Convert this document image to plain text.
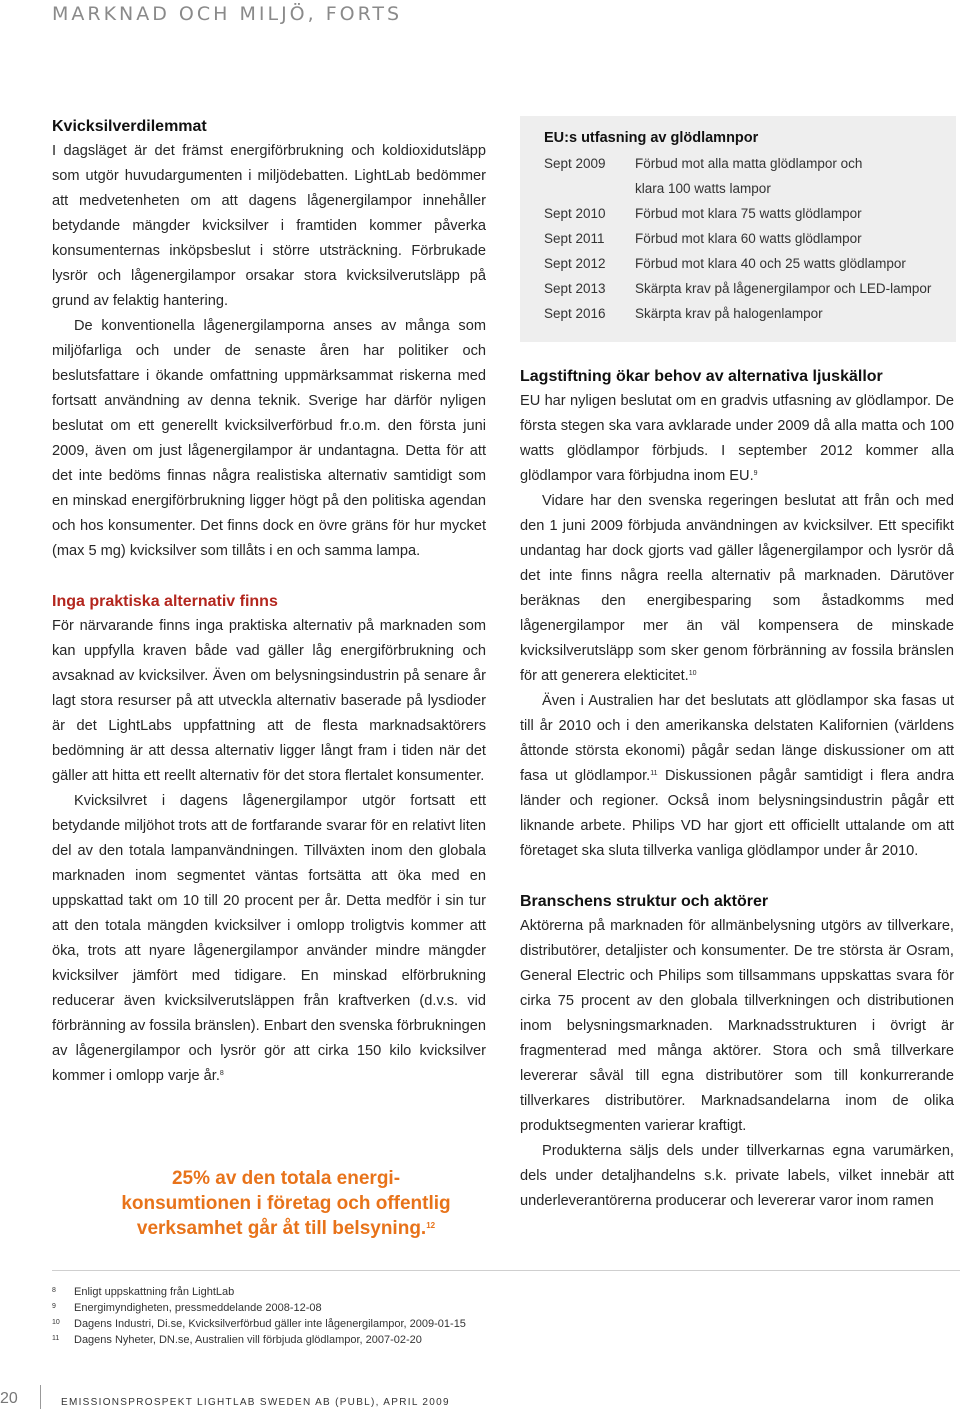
MARKNAD OCH MILJÖ, FORTS
Kvicksilverdilemmat

I dagsläget är det främst energiförbrukning och koldioxidutsläpp som utgör huvudargumenten i miljödebatten. LightLab bedömmer att medvetenheten om att dagens lågenergilampor innehåller betydande mängder kvicksilver i framtiden kommer påverka konsumenternas inköpsbeslut i större utsträckning. Förbrukade lysrör och lågenergilampor orsakar stora kvicksilverutsläpp på grund av felaktig hantering.

De konventionella lågenergilamporna anses av många som miljöfarliga och under de senaste åren har politiker och beslutsfattare i ökande omfattning uppmärksammat riskerna med fortsatt användning av denna teknik. Sverige har därför nyligen beslutat om ett generellt kvicksilverförbud fr.o.m. den första juni 2009, även om just lågenergilampor är undantagna. Detta för att det inte bedöms finnas några realistiska alternativ samtidigt som en minskad energiförbrukning ligger högt på den politiska agendan och hos konsumenter. Det finns dock en övre gräns för hur mycket (max 5 mg) kvicksilver som tillåts i en och samma lampa.

Inga praktiska alternativ finns

För närvarande finns inga praktiska alternativ på marknaden som kan uppfylla kraven både vad gäller låg energiförbrukning och avsaknad av kvicksilver. Även om belysningsindustrin på senare år lagt stora resurser på att utveckla alternativ baserade på lysdioder är det LightLabs uppfattning att de flesta marknadsaktörers bedömning är att dessa alternativ ligger långt fram i tiden när det gäller att hitta ett reellt alternativ för det stora flertalet konsumenter.

Kvicksilvret i dagens lågenergilampor utgör fortsatt ett betydande miljöhot trots att de fortfarande svarar för en relativt liten del av den totala lampanvändningen. Tillväxten inom den globala marknaden inom segmentet väntas fortsätta att öka med en uppskattad takt om 10 till 20 procent per år. Detta medför i sin tur att den totala mängden kvicksilver i omlopp troligtvis kommer att öka, trots att nyare lågenergilampor använder mindre mängder kvicksilver jämfört med tidigare. En minskad elförbrukning reducerar även kvicksilverutsläppen från kraftverken (d.v.s. vid förbränning av fossila bränslen). Enbart den svenska förbrukningen av lågenergilampor och lysrör gör att cirka 150 kilo kvicksilver kommer i omlopp varje år.$^8$

25% av den totala energi-
konsumtionen i företag och offentlig
verksamhet går åt till belsyning.$^{12}$
EU:s utfasning av glödlamnpor
Sept 2009 Förbud mot alla matta glödlampor och
klara 100 watts lampor
Sept 2010 Förbud mot klara 75 watts glödlampor
Sept 2011 Förbud mot klara 60 watts glödlampor
Sept 2012 Förbud mot klara 40 och 25 watts glödlampor
Sept 2013 Skärpta krav på lågenergilampor och LED-lampor
Sept 2016 Skärpta krav på halogenlampor
Lagstiftning ökar behov av alternativa ljuskällor

EU har nyligen beslutat om en gradvis utfasning av glödlampor. De första stegen ska vara avklarade under 2009 då alla matta och 100 watts glödlampor förbjuds. I september 2012 kommer alla glödlampor vara förbjudna inom EU.$^9$

Vidare har den svenska regeringen beslutat att från och med den 1 juni 2009 förbjuda användningen av kvicksilver. Ett specifikt undantag har dock gjorts vad gäller lågenergilampor och lysrör då det inte finns några reella alternativ på marknaden. Därutöver beräknas den energibesparing som åstadkomms med lågenergilampor mer än väl kompensera de minskade kvicksilverutsläpp som sker genom förbränning av fossila bränslen för att generera elekticitet.$^{10}$

Även i Australien har det beslutats att glödlampor ska fasas ut till år 2010 och i den amerikanska delstaten Kalifornien (världens åttonde största ekonomi) pågår sedan länge diskussioner om att fasa ut glödlampor.$^{11}$ Diskussionen pågår samtidigt i flera andra länder och regioner. Också inom belysningsindustrin pågår ett liknande arbete. Philips VD har gjort ett officiellt uttalande om att företaget ska sluta tillverka vanliga glödlampor under år 2010.

Branschens struktur och aktörer

Aktörerna på marknaden för allmänbelysning utgörs av tillverkare, distributörer, detaljister och konsumenter. De tre största är Osram, General Electric och Philips som tillsammans uppskattas svara för cirka 75 procent av den globala tillverkningen och distributionen inom belysningsmarknaden. Marknadsstrukturen i övrigt är fragmenterad med många aktörer. Stora och små tillverkare levererar såväl till egna distributörer som till konkurrerande tillverkares distributörer. Marknadsandelarna inom de olika produktsegmenten varierar kraftigt.

Produkterna säljs dels under tillverkarnas egna varumärken, dels under detaljhandelns s.k. private labels, vilket innebär att underleverantörerna producerar och levererar varor inom ramen

8 Enligt uppskattning från LightLab
9 Energimyndigheten, pressmeddelande 2008-12-08
10 Dagens Industri, Di.se, Kvicksilverförbud gäller inte lågenergilampor, 2009-01-15
11 Dagens Nyheter, DN.se, Australien vill förbjuda glödlampor, 2007-02-20
20	EMISSIONSPROSPEKT LIGHTLAB SWEDEN AB (PUBL), APRIL 2009
